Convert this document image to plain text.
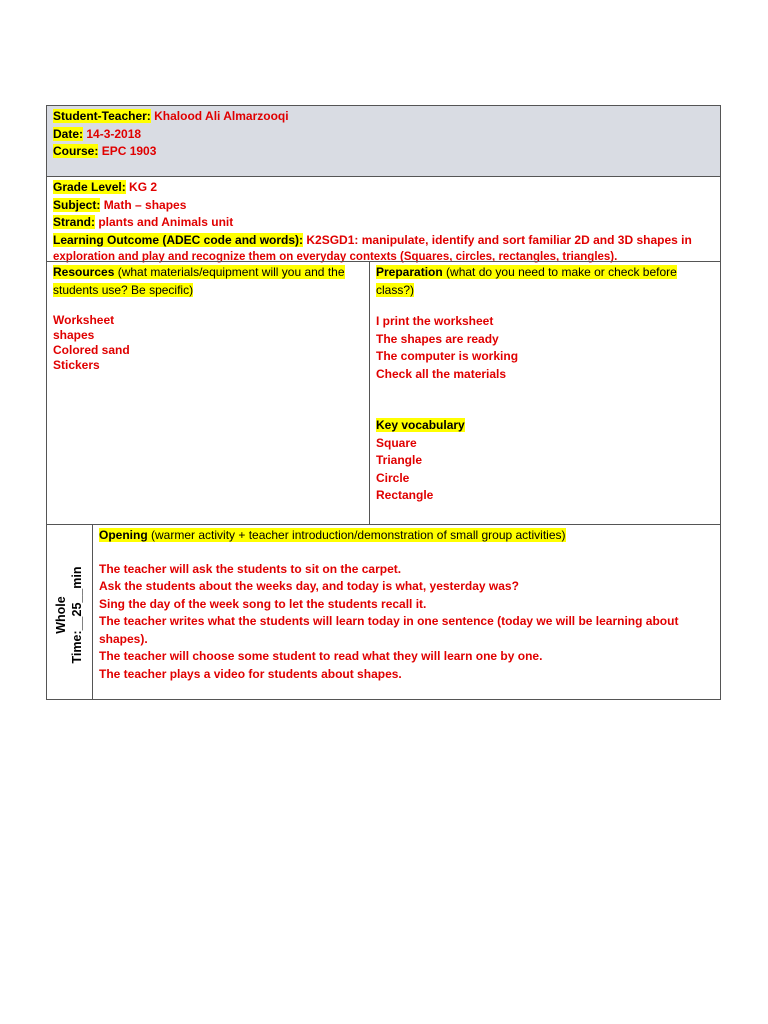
Student-Teacher: Khalood Ali Almarzooqi
Date: 14-3-2018
Course: EPC 1903
Grade Level: KG 2
Subject: Math – shapes
Strand: plants and Animals unit
Learning Outcome (ADEC code and words): K2SGD1: manipulate, identify and sort familiar 2D and 3D shapes in
exploration and play and recognize them on everyday contexts (Squares, circles, rectangles, triangles).
Resources (what materials/equipment will you and the
students use? Be specific)
Worksheet
shapes
Colored sand
Stickers
Preparation (what do you need to make or check before
class?)
I print the worksheet
The shapes are ready
The computer is working
Check all the materials
Key vocabulary
Square
Triangle
Circle
Rectangle
Whole Time:__25__min
Opening (warmer activity + teacher introduction/demonstration of small group activities)
The teacher will ask the students to sit on the carpet.
Ask the students about the weeks day, and today is what, yesterday was?
Sing the day of the week song to let the students recall it.
The teacher writes what the students will learn today in one sentence (today we will be learning about
shapes).
The teacher will choose some student to read what they will learn one by one.
The teacher plays a video for students about shapes.
